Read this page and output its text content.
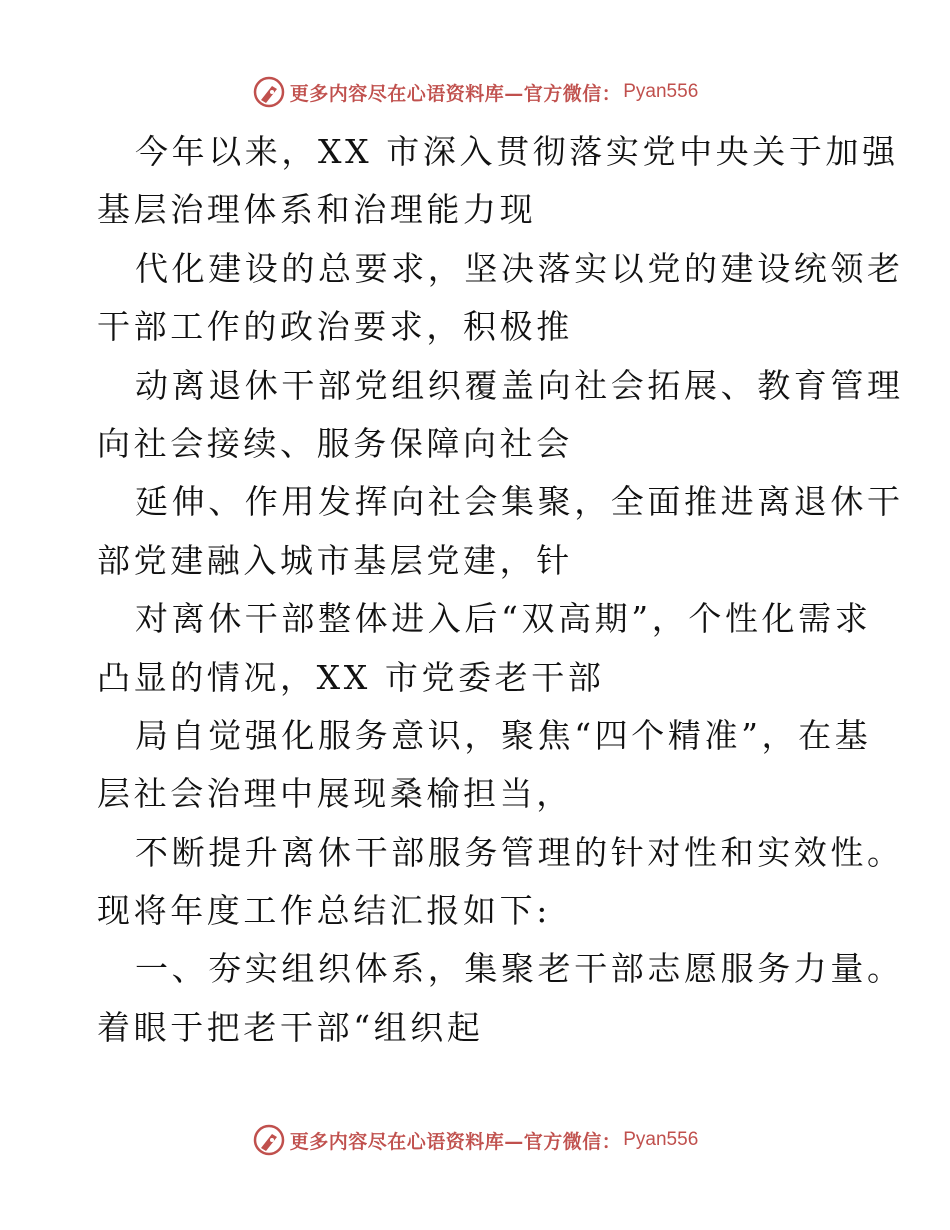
更多内容尽在心语资料库—官方微信： Pyan556
今年以来，XX 市深入贯彻落实党中央关于加强
基层治理体系和治理能力现
代化建设的总要求，坚决落实以党的建设统领老
干部工作的政治要求，积极推
动离退休干部党组织覆盖向社会拓展、教育管理
向社会接续、服务保障向社会
延伸、作用发挥向社会集聚，全面推进离退休干
部党建融入城市基层党建，针
对离休干部整体进入后“双高期”，个性化需求
凸显的情况，XX 市党委老干部
局自觉强化服务意识，聚焦“四个精准”，在基
层社会治理中展现桑榆担当，
不断提升离休干部服务管理的针对性和实效性。
现将年度工作总结汇报如下:
一、夯实组织体系，集聚老干部志愿服务力量。
着眼于把老干部“组织起
更多内容尽在心语资料库—官方微信： Pyan556
